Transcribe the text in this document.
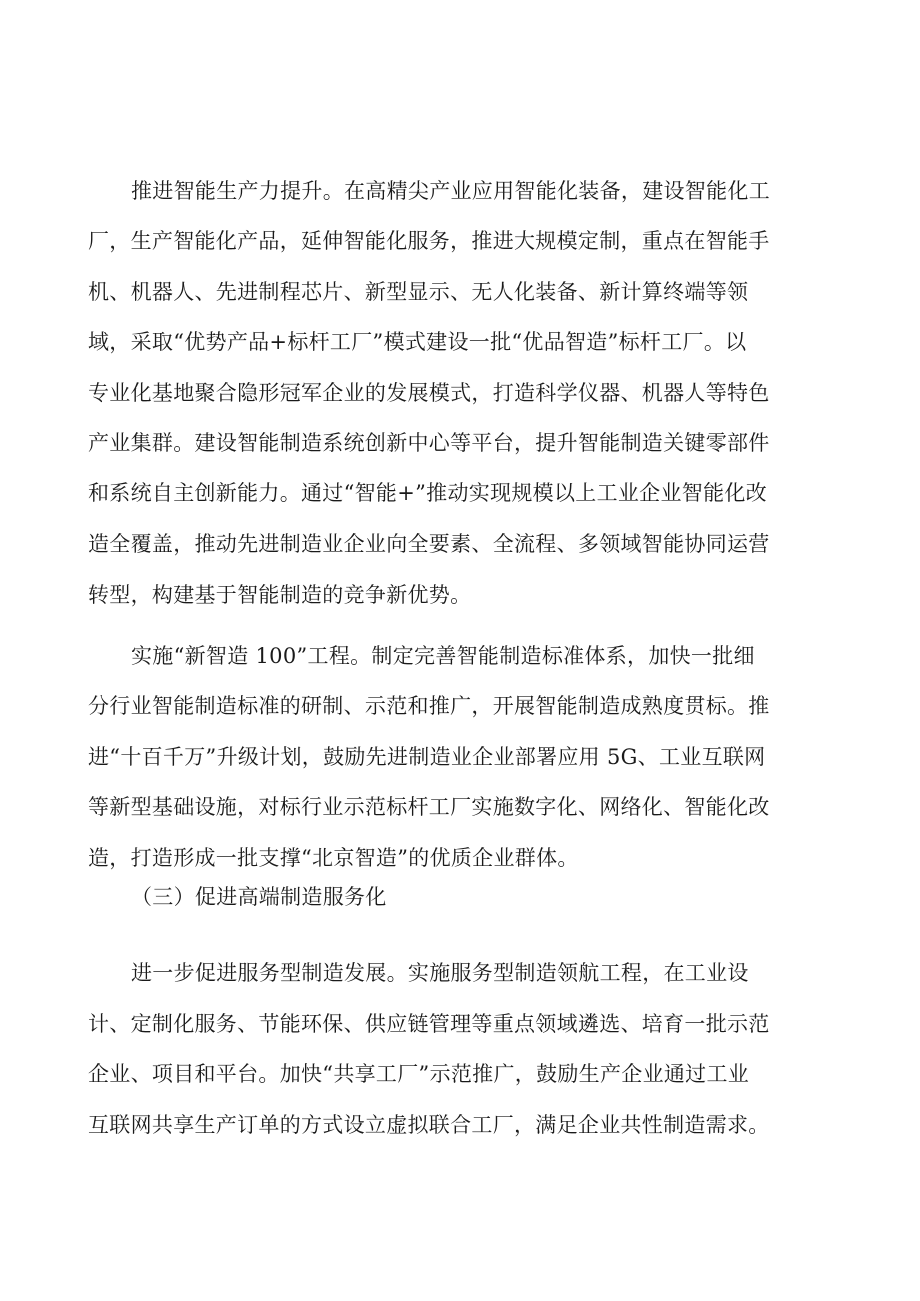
推进智能生产力提升。在高精尖产业应用智能化装备，建设智能化工
厂，生产智能化产品，延伸智能化服务，推进大规模定制，重点在智能手
机、机器人、先进制程芯片、新型显示、无人化装备、新计算终端等领
域，采取“优势产品+标杆工厂”模式建设一批“优品智造”标杆工厂。以
专业化基地聚合隐形冠军企业的发展模式，打造科学仪器、机器人等特色
产业集群。建设智能制造系统创新中心等平台，提升智能制造关键零部件
和系统自主创新能力。通过“智能+”推动实现规模以上工业企业智能化改
造全覆盖，推动先进制造业企业向全要素、全流程、多领域智能协同运营
转型，构建基于智能制造的竞争新优势。
实施“新智造 100”工程。制定完善智能制造标准体系，加快一批细
分行业智能制造标准的研制、示范和推广，开展智能制造成熟度贯标。推
进“十百千万”升级计划，鼓励先进制造业企业部署应用 5G、工业互联网
等新型基础设施，对标行业示范标杆工厂实施数字化、网络化、智能化改
造，打造形成一批支撑“北京智造”的优质企业群体。
（三）促进高端制造服务化
进一步促进服务型制造发展。实施服务型制造领航工程，在工业设
计、定制化服务、节能环保、供应链管理等重点领域遴选、培育一批示范
企业、项目和平台。加快“共享工厂”示范推广，鼓励生产企业通过工业
互联网共享生产订单的方式设立虚拟联合工厂，满足企业共性制造需求。
